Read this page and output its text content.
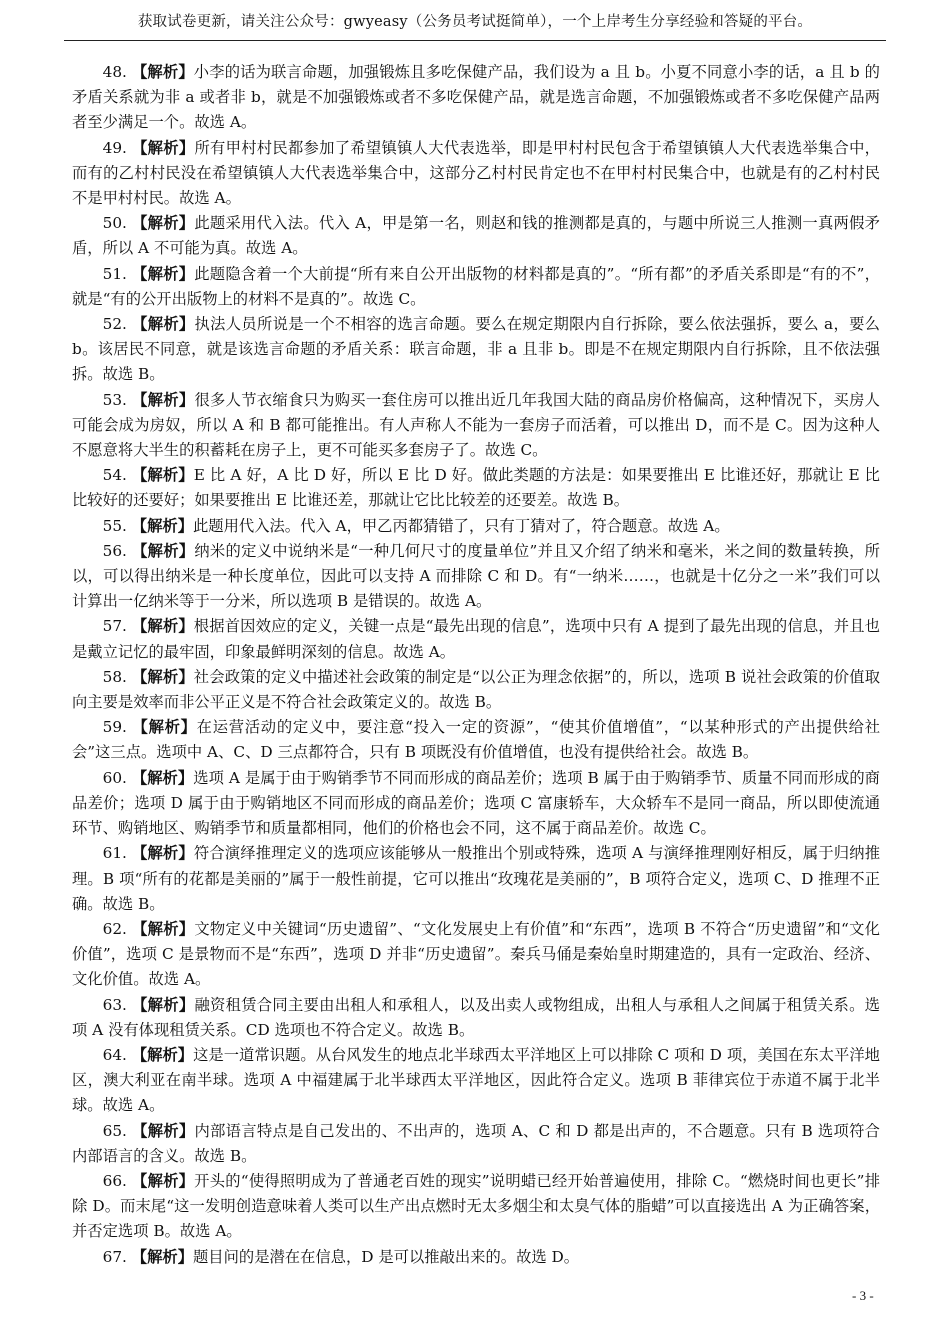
获取试卷更新，请关注公众号：gwyeasy（公务员考试挺简单），一个上岸考生分享经验和答疑的平台。

48. 【解析】小李的话为联言命题，加强锻炼且多吃保健产品，我们设为 a 且 b。小夏不同意小李的话，a 且 b 的矛盾关系就为非 a 或者非 b，就是不加强锻炼或者不多吃保健产品，就是选言命题，不加强锻炼或者不多吃保健产品两者至少满足一个。故选 A。

49. 【解析】所有甲村村民都参加了希望镇镇人大代表选举，即是甲村村民包含于希望镇镇人大代表选举集合中，而有的乙村村民没在希望镇镇人大代表选举集合中，这部分乙村村民肯定也不在甲村村民集合中，也就是有的乙村村民不是甲村村民。故选 A。

50. 【解析】此题采用代入法。代入 A，甲是第一名，则赵和钱的推测都是真的，与题中所说三人推测一真两假矛盾，所以 A 不可能为真。故选 A。

51. 【解析】此题隐含着一个大前提“所有来自公开出版物的材料都是真的”。“所有都”的矛盾关系即是“有的不”，就是“有的公开出版物上的材料不是真的”。故选 C。

52. 【解析】执法人员所说是一个不相容的选言命题。要么在规定期限内自行拆除，要么依法强拆，要么 a，要么 b。该居民不同意，就是该选言命题的矛盾关系：联言命题，非 a 且非 b。即是不在规定期限内自行拆除，且不依法强拆。故选 B。

53. 【解析】很多人节衣缩食只为购买一套住房可以推出近几年我国大陆的商品房价格偏高，这种情况下，买房人可能会成为房奴，所以 A 和 B 都可能推出。有人声称人不能为一套房子而活着，可以推出 D，而不是 C。因为这种人不愿意将大半生的积蓄耗在房子上，更不可能买多套房子了。故选 C。

54. 【解析】E 比 A 好，A 比 D 好，所以 E 比 D 好。做此类题的方法是：如果要推出 E 比谁还好，那就让 E 比比较好的还要好；如果要推出 E 比谁还差，那就让它比比较差的还要差。故选 B。

55. 【解析】此题用代入法。代入 A，甲乙丙都猜错了，只有丁猜对了，符合题意。故选 A。

56. 【解析】纳米的定义中说纳米是“一种几何尺寸的度量单位”并且又介绍了纳米和毫米，米之间的数量转换，所以，可以得出纳米是一种长度单位，因此可以支持 A 而排除 C 和 D。有“一纳米……，也就是十亿分之一米”我们可以计算出一亿纳米等于一分米，所以选项 B 是错误的。故选 A。

57. 【解析】根据首因效应的定义，关键一点是“最先出现的信息”，选项中只有 A 提到了最先出现的信息，并且也是戴立记忆的最牢固，印象最鲜明深刻的信息。故选 A。

58. 【解析】社会政策的定义中描述社会政策的制定是“以公正为理念依据”的，所以，选项 B 说社会政策的价值取向主要是效率而非公平正义是不符合社会政策定义的。故选 B。

59. 【解析】在运营活动的定义中，要注意“投入一定的资源”，“使其价值增值”，“以某种形式的产出提供给社会”这三点。选项中 A、C、D 三点都符合，只有 B 项既没有价值增值，也没有提供给社会。故选 B。

60. 【解析】选项 A 是属于由于购销季节不同而形成的商品差价；选项 B 属于由于购销季节、质量不同而形成的商品差价；选项 D 属于由于购销地区不同而形成的商品差价；选项 C 富康轿车，大众轿车不是同一商品，所以即使流通环节、购销地区、购销季节和质量都相同，他们的价格也会不同，这不属于商品差价。故选 C。

61. 【解析】符合演绎推理定义的选项应该能够从一般推出个别或特殊，选项 A 与演绎推理刚好相反，属于归纳推理。B 项“所有的花都是美丽的”属于一般性前提，它可以推出“玫瑰花是美丽的”，B 项符合定义，选项 C、D 推理不正确。故选 B。

62. 【解析】文物定义中关键词“历史遗留”、“文化发展史上有价值”和“东西”，选项 B 不符合“历史遗留”和“文化价值”，选项 C 是景物而不是“东西”，选项 D 并非“历史遗留”。秦兵马俑是秦始皇时期建造的，具有一定政治、经济、文化价值。故选 A。

63. 【解析】融资租赁合同主要由出租人和承租人，以及出卖人或物组成，出租人与承租人之间属于租赁关系。选项 A 没有体现租赁关系。CD 选项也不符合定义。故选 B。

64. 【解析】这是一道常识题。从台风发生的地点北半球西太平洋地区上可以排除 C 项和 D 项，美国在东太平洋地区，澳大利亚在南半球。选项 A 中福建属于北半球西太平洋地区，因此符合定义。选项 B 菲律宾位于赤道不属于北半球。故选 A。

65. 【解析】内部语言特点是自己发出的、不出声的，选项 A、C 和 D 都是出声的，不合题意。只有 B 选项符合内部语言的含义。故选 B。

66. 【解析】开头的“使得照明成为了普通老百姓的现实”说明蜡已经开始普遍使用，排除 C。“燃烧时间也更长”排除 D。而末尾“这一发明创造意味着人类可以生产出点燃时无太多烟尘和太臭气体的脂蜡”可以直接选出 A 为正确答案，并否定选项 B。故选 A。

67. 【解析】题目问的是潜在在信息，D 是可以推敲出来的。故选 D。

- 3 -
